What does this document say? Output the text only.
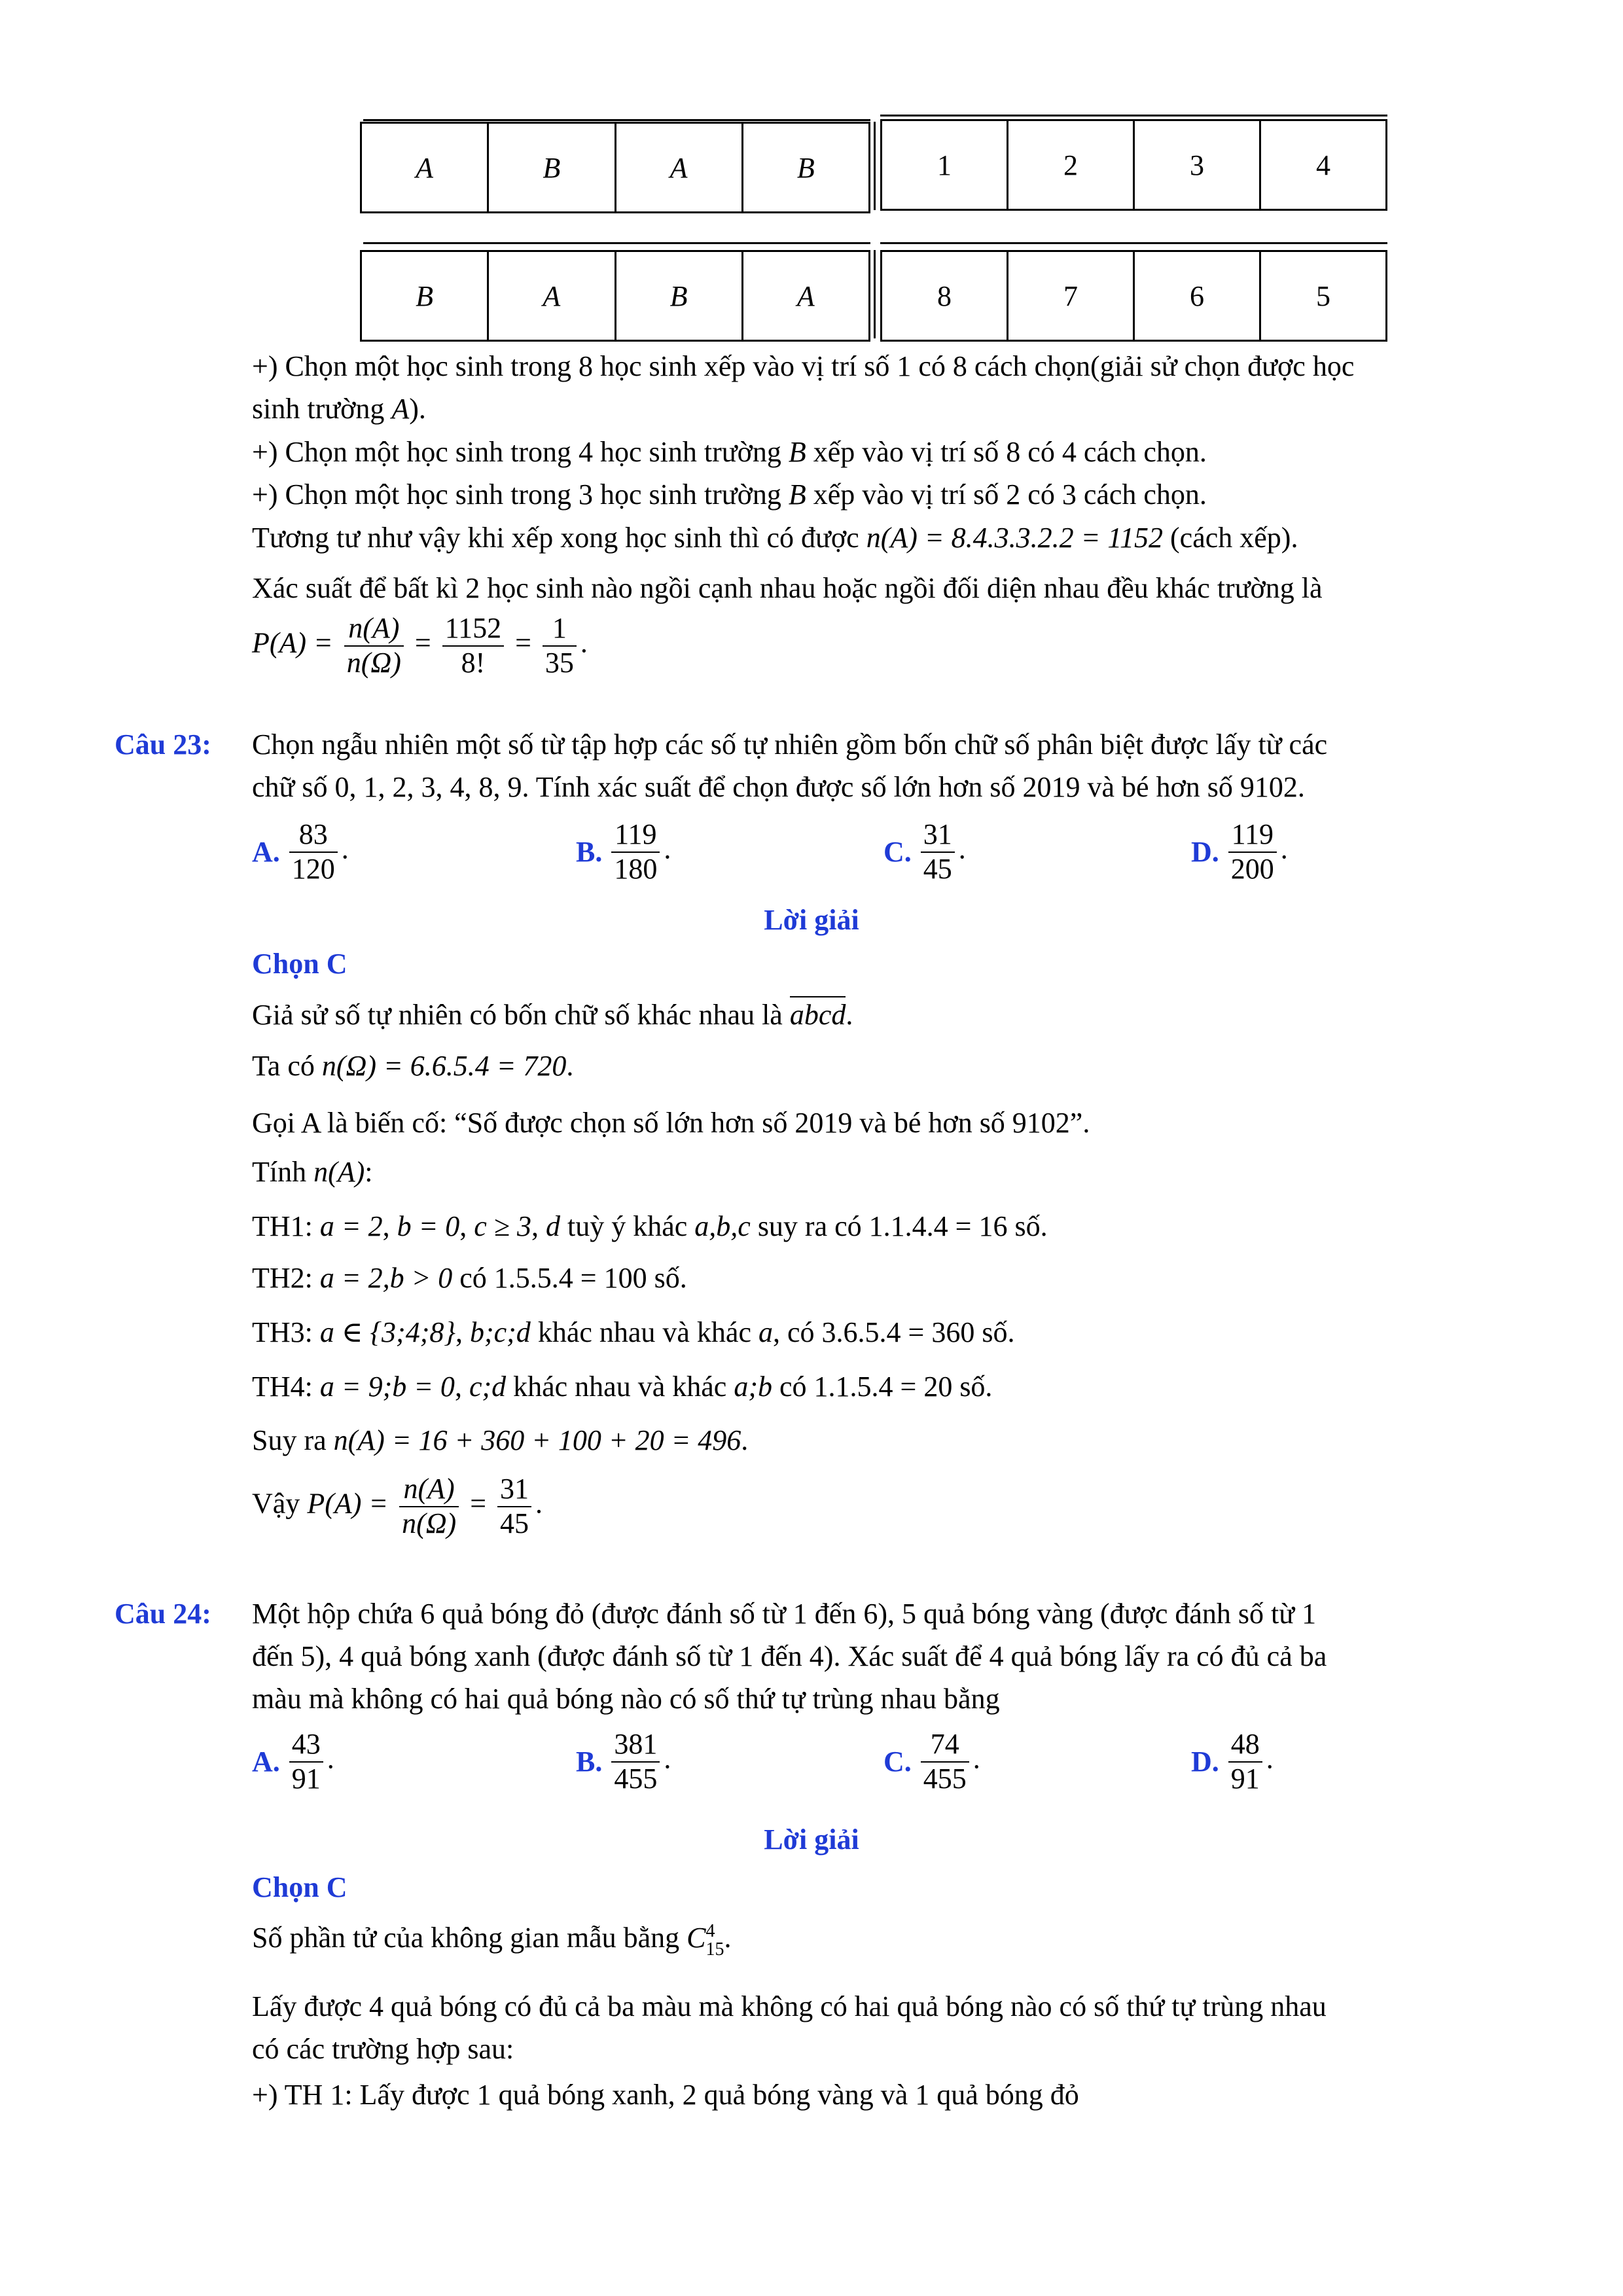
A	B	A	B	1	2	3	4
B	A	B	A	8	7	6	5
+) Chọn một học sinh trong 8 học sinh xếp vào vị trí số 1 có 8 cách chọn(giải sử chọn được học
sinh trường A).
+) Chọn một học sinh trong 4 học sinh trường B xếp vào vị trí số 8 có 4 cách chọn.
+) Chọn một học sinh trong 3 học sinh trường B xếp vào vị trí số 2 có 3 cách chọn.
Tương tư như vậy khi xếp xong học sinh thì có được n(A) = 8.4.3.3.2.2 = 1152 (cách xếp).
Xác suất để bất kì 2 học sinh nào ngồi cạnh nhau hoặc ngồi đối diện nhau đều khác trường là
$P(A) = \frac{n(A)}{n(\Omega)} = \frac{1152}{8!} = \frac{1}{35}$ .
Câu 23: Chọn ngẫu nhiên một số từ tập hợp các số tự nhiên gồm bốn chữ số phân biệt được lấy từ các
chữ số 0, 1, 2, 3, 4, 8, 9. Tính xác suất để chọn được số lớn hơn số 2019 và bé hơn số 9102.
A. $\frac{83}{120}$ .	B. $\frac{119}{180}$ .	C. $\frac{31}{45}$ .	D. $\frac{119}{200}$ .
Lời giải
Chọn C
Giả sử số tự nhiên có bốn chữ số khác nhau là abcd.
Ta có n(Ω) = 6.6.5.4 = 720.
Gọi A là biến cố: “Số được chọn số lớn hơn số 2019 và bé hơn số 9102”.
Tính n(A):
TH1: a = 2, b = 0, c ≥ 3, d tuỳ ý khác a,b,c suy ra có 1.1.4.4 = 16 số.
TH2: a = 2,b > 0 có 1.5.5.4 = 100 số.
TH3: a ∈ {3;4;8}, b;c;d khác nhau và khác a, có 3.6.5.4 = 360 số.
TH4: a = 9;b = 0, c;d khác nhau và khác a;b có 1.1.5.4 = 20 số.
Suy ra n(A) = 16 + 360 + 100 + 20 = 496.
Vậy $P(A) = \frac{n(A)}{n(\Omega)} = \frac{31}{45}$ .
Câu 24: Một hộp chứa 6 quả bóng đỏ (được đánh số từ 1 đến 6), 5 quả bóng vàng (được đánh số từ 1
đến 5), 4 quả bóng xanh (được đánh số từ 1 đến 4). Xác suất để 4 quả bóng lấy ra có đủ cả ba
màu mà không có hai quả bóng nào có số thứ tự trùng nhau bằng
A. $\frac{43}{91}$ .	B. $\frac{381}{455}$ .	C. $\frac{74}{455}$ .	D. $\frac{48}{91}$ .
Lời giải
Chọn C
Số phần tử của không gian mẫu bằng C4
15.
Lấy được 4 quả bóng có đủ cả ba màu mà không có hai quả bóng nào có số thứ tự trùng nhau
có các trường hợp sau:
+) TH 1: Lấy được 1 quả bóng xanh, 2 quả bóng vàng và 1 quả bóng đỏ
